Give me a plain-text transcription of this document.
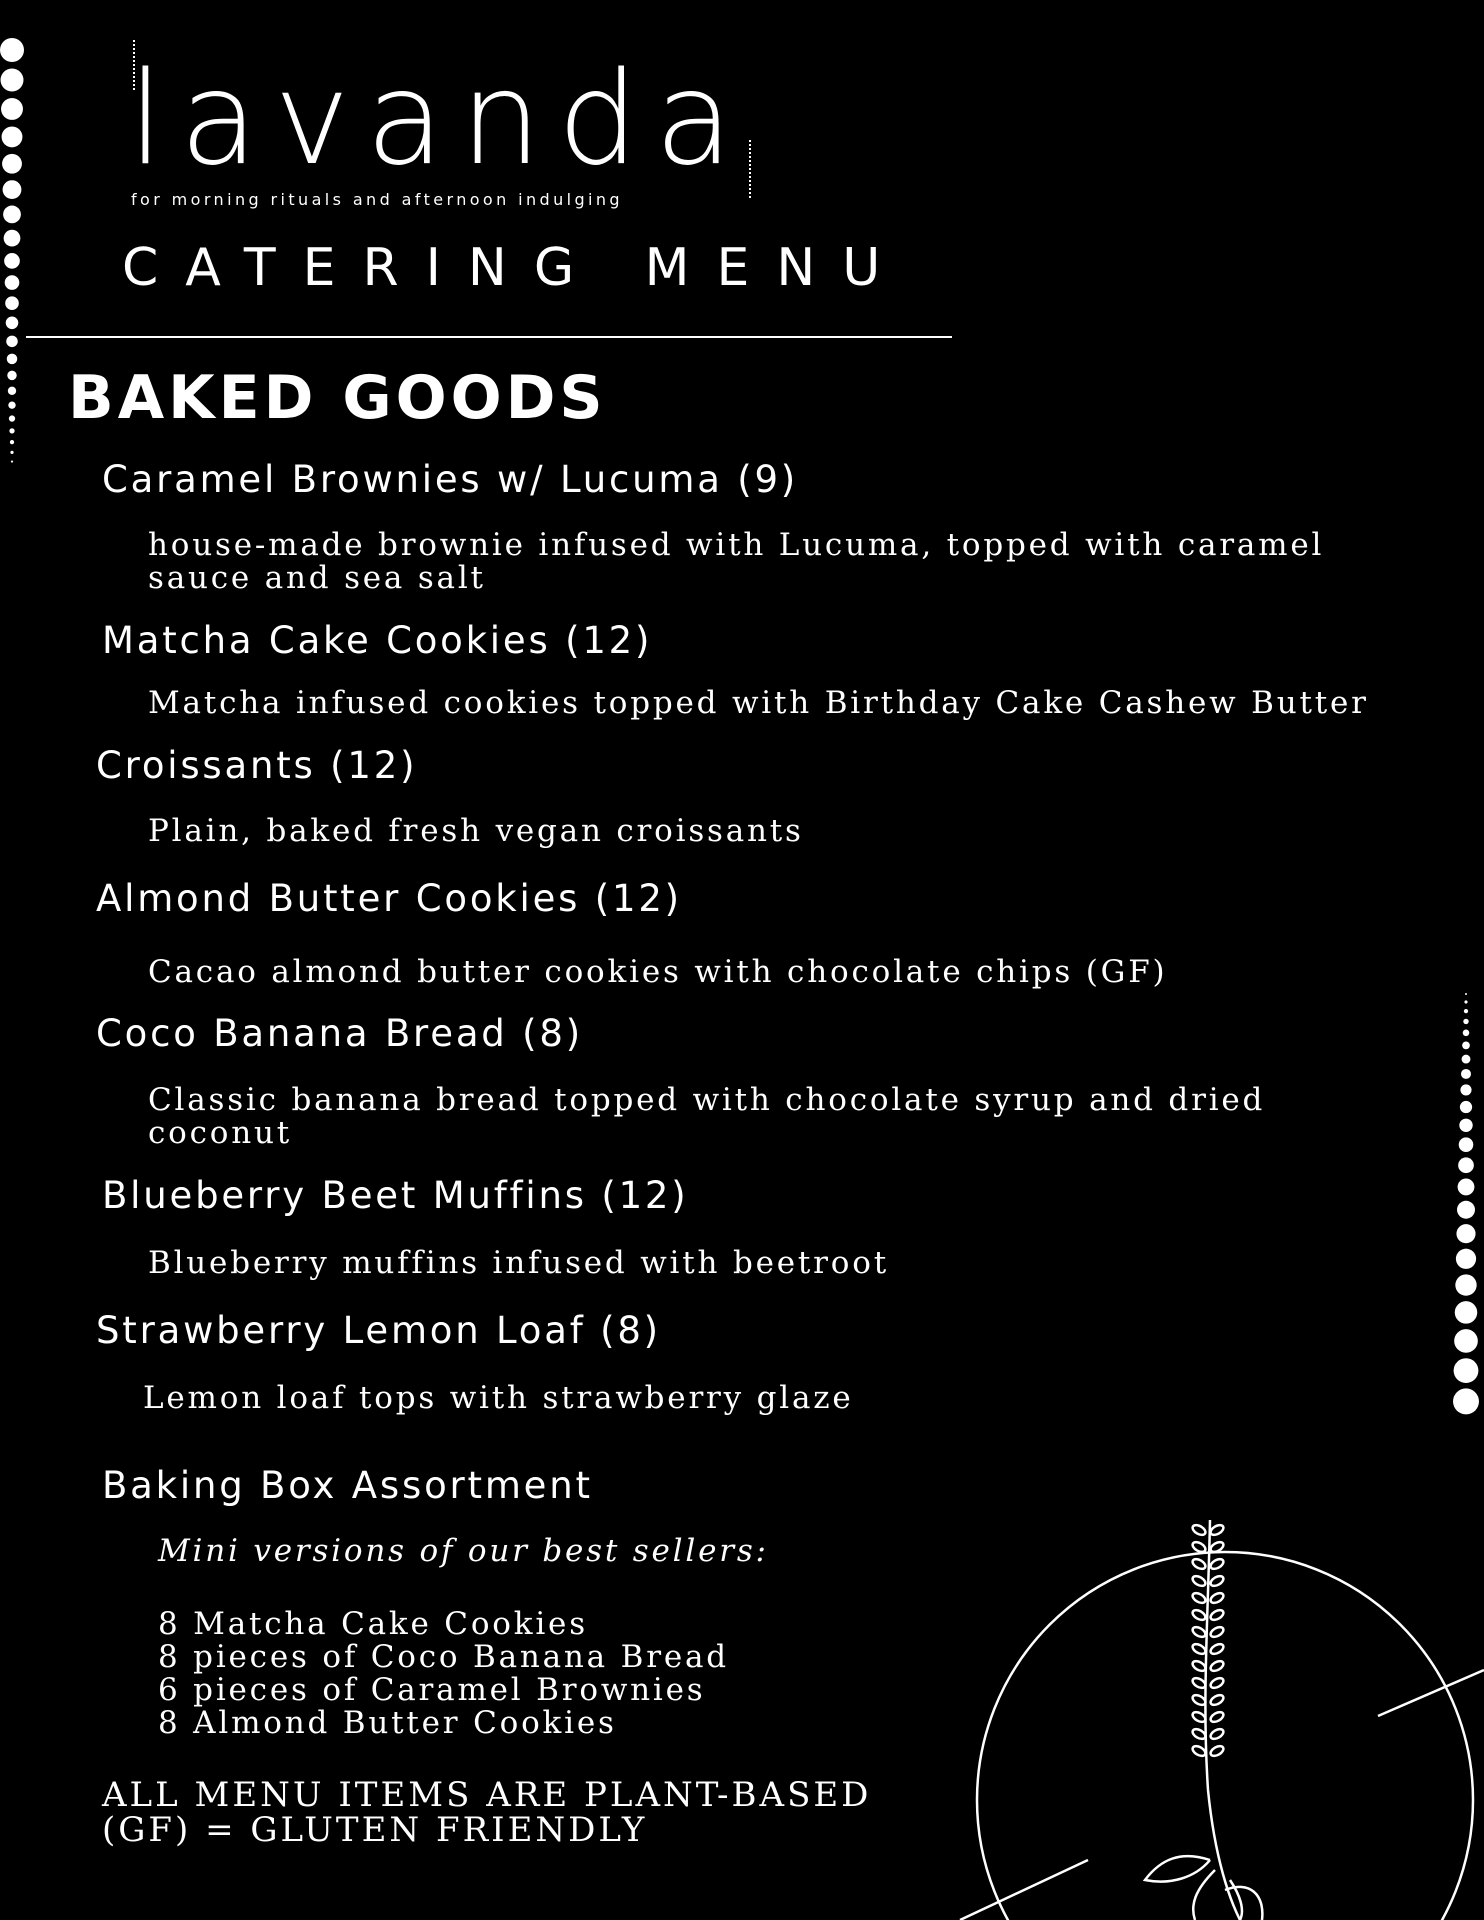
lavanda
for morning rituals and afternoon indulging
CATERING MENU
BAKED GOODS
Caramel Brownies w/ Lucuma (9)
house-made brownie infused with Lucuma, topped with caramel sauce and sea salt
Matcha Cake Cookies (12)
Matcha infused cookies topped with Birthday Cake Cashew Butter
Croissants (12)
Plain, baked fresh vegan croissants
Almond Butter Cookies (12)
Cacao almond butter cookies with chocolate chips (GF)
Coco Banana Bread (8)
Classic banana bread topped with chocolate syrup and dried coconut
Blueberry Beet Muffins (12)
Blueberry muffins infused with beetroot
Strawberry Lemon Loaf (8)
Lemon loaf tops with strawberry glaze
Baking Box Assortment
Mini versions of our best sellers:
8 Matcha Cake Cookies
8 pieces of Coco Banana Bread
6 pieces of Caramel Brownies
8 Almond Butter Cookies
ALL MENU ITEMS ARE PLANT-BASED
(GF) = GLUTEN FRIENDLY
